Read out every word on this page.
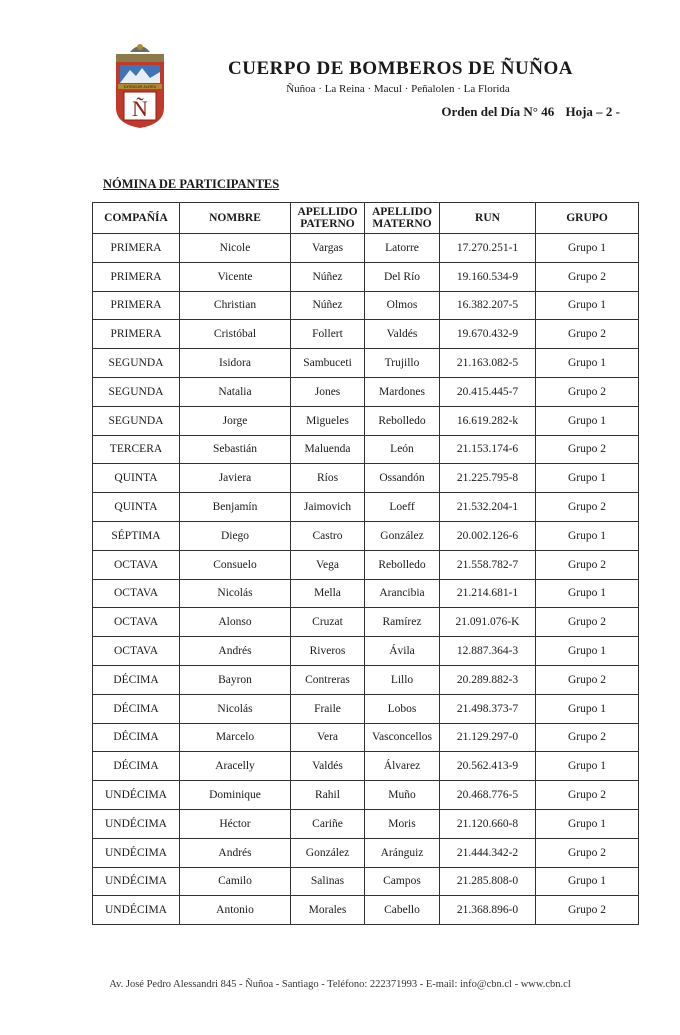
EXTINGUIR ALERTA
Ñ
CUERPO DE BOMBEROS DE ÑUÑOA
Ñuñoa · La Reina · Macul · Peñalolen · La Florida
Orden del Día N° 46 Hoja – 2 -
NÓMINA DE PARTICIPANTES
COMPAÑÍA	NOMBRE	APELLIDO PATERNO	APELLIDO MATERNO	RUN	GRUPO
PRIMERA	Nicole	Vargas	Latorre	17.270.251-1	Grupo 1
PRIMERA	Vicente	Núñez	Del Río	19.160.534-9	Grupo 2
PRIMERA	Christian	Núñez	Olmos	16.382.207-5	Grupo 1
PRIMERA	Cristóbal	Follert	Valdés	19.670.432-9	Grupo 2
SEGUNDA	Isidora	Sambuceti	Trujillo	21.163.082-5	Grupo 1
SEGUNDA	Natalia	Jones	Mardones	20.415.445-7	Grupo 2
SEGUNDA	Jorge	Migueles	Rebolledo	16.619.282-k	Grupo 1
TERCERA	Sebastián	Maluenda	León	21.153.174-6	Grupo 2
QUINTA	Javiera	Ríos	Ossandón	21.225.795-8	Grupo 1
QUINTA	Benjamín	Jaimovich	Loeff	21.532.204-1	Grupo 2
SÉPTIMA	Diego	Castro	González	20.002.126-6	Grupo 1
OCTAVA	Consuelo	Vega	Rebolledo	21.558.782-7	Grupo 2
OCTAVA	Nicolás	Mella	Arancibia	21.214.681-1	Grupo 1
OCTAVA	Alonso	Cruzat	Ramírez	21.091.076-K	Grupo 2
OCTAVA	Andrés	Riveros	Ávila	12.887.364-3	Grupo 1
DÉCIMA	Bayron	Contreras	Lillo	20.289.882-3	Grupo 2
DÉCIMA	Nicolás	Fraile	Lobos	21.498.373-7	Grupo 1
DÉCIMA	Marcelo	Vera	Vasconcellos	21.129.297-0	Grupo 2
DÉCIMA	Aracelly	Valdés	Álvarez	20.562.413-9	Grupo 1
UNDÉCIMA	Dominique	Rahil	Muño	20.468.776-5	Grupo 2
UNDÉCIMA	Héctor	Cariñe	Moris	21.120.660-8	Grupo 1
UNDÉCIMA	Andrés	González	Aránguiz	21.444.342-2	Grupo 2
UNDÉCIMA	Camilo	Salinas	Campos	21.285.808-0	Grupo 1
UNDÉCIMA	Antonio	Morales	Cabello	21.368.896-0	Grupo 2
Av. José Pedro Alessandri 845 - Ñuñoa - Santiago - Teléfono: 222371993 - E-mail: info@cbn.cl - www.cbn.cl
